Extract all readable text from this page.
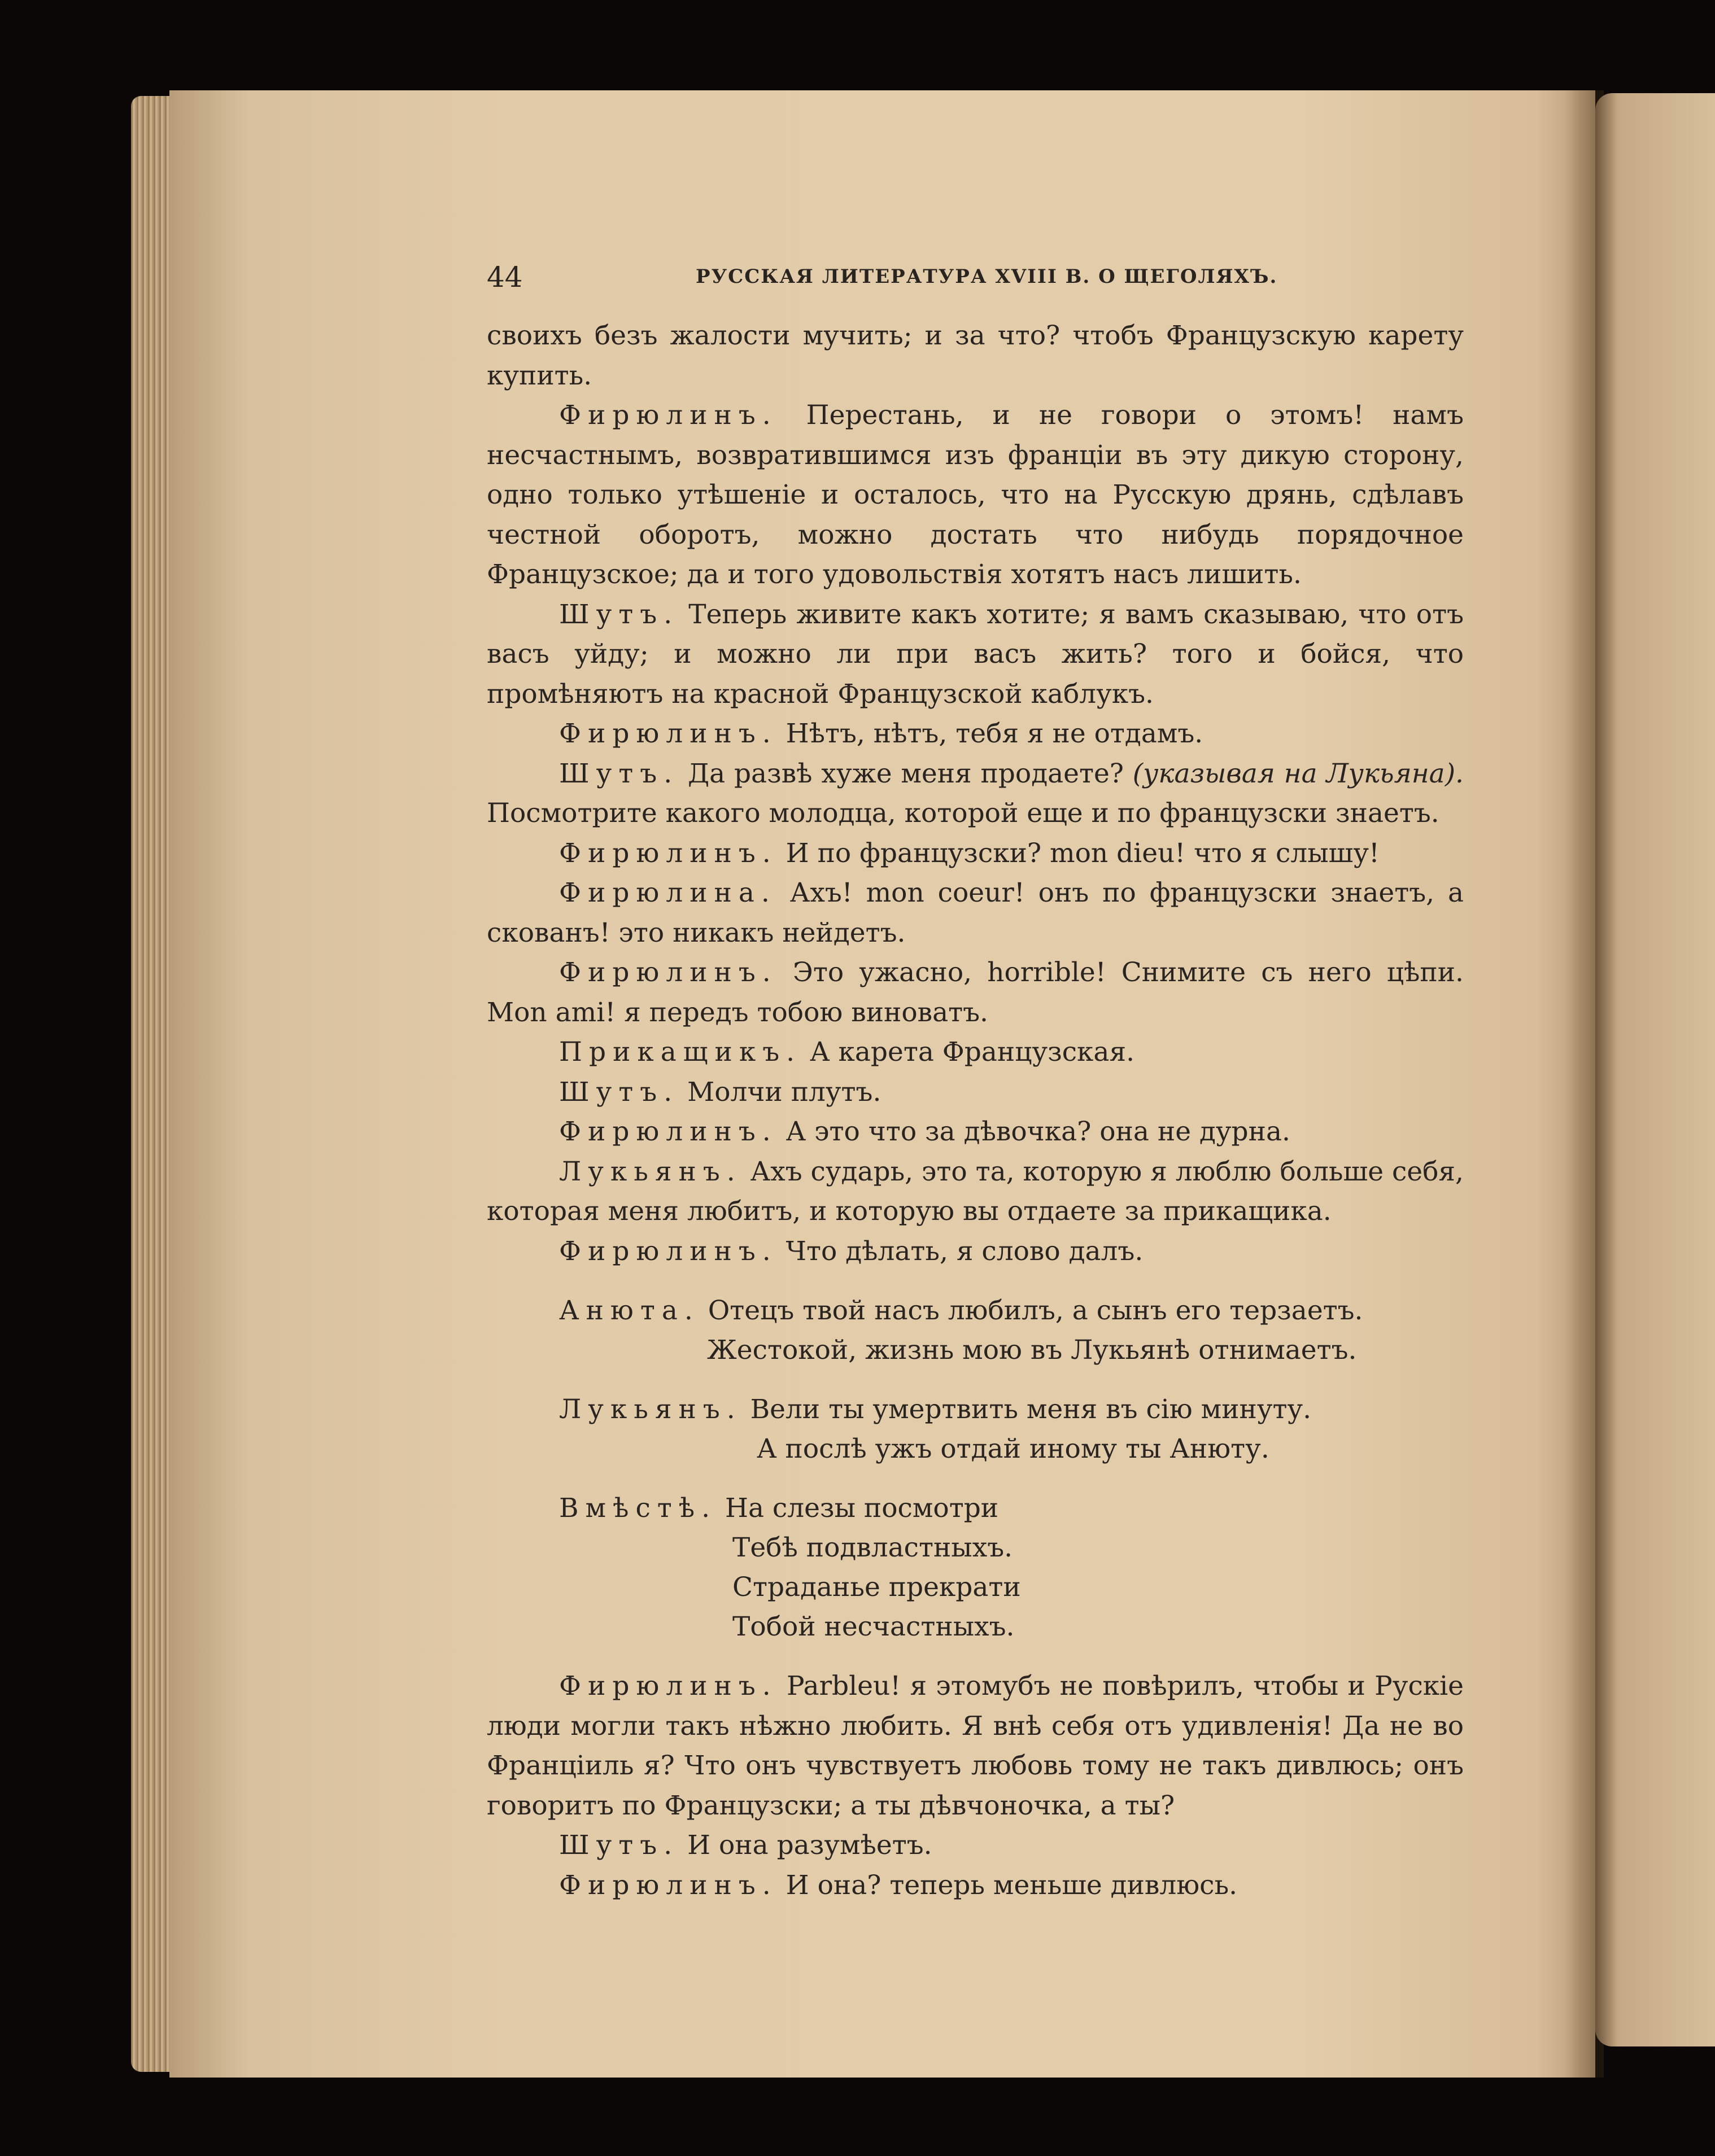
44	РУССКАЯ ЛИТЕРАТУРА XVIII В. О ЩЕГОЛЯХЪ.

своихъ безъ жалости мучить; и за что? чтобъ Французскую карету купить.

Фирюлинъ. Перестань, и не говори о этомъ! намъ несчастнымъ, возвратившимся изъ франціи въ эту дикую сторону, одно только утѣшеніе и осталось, что на Русскую дрянь, сдѣлавъ честной оборотъ, можно достать что нибудь порядочное Французское; да и того удовольствія хотятъ насъ лишить.

Шутъ. Теперь живите какъ хотите; я вамъ сказываю, что отъ васъ уйду; и можно ли при васъ жить? того и бойся, что промѣняютъ на красной Французской каблукъ.

Фирюлинъ. Нѣтъ, нѣтъ, тебя я не отдамъ.

Шутъ. Да развѣ хуже меня продаете? (указывая на Лукьяна). Посмотрите какого молодца, которой еще и по французски знаетъ.

Фирюлинъ. И по французски? mon dieu! что я слышу!

Фирюлина. Ахъ! mon coeur! онъ по французски знаетъ, а скованъ! это никакъ нейдетъ.

Фирюлинъ. Это ужасно, horrible! Снимите съ него цѣпи. Mon ami! я передъ тобою виноватъ.

Прикащикъ. А карета Французская.

Шутъ. Молчи плутъ.

Фирюлинъ. А это что за дѣвочка? она не дурна.

Лукьянъ. Ахъ сударь, это та, которую я люблю больше себя, которая меня любитъ, и которую вы отдаете за прикащика.

Фирюлинъ. Что дѣлать, я слово далъ.

Анюта. Отецъ твой насъ любилъ, а сынъ его терзаетъ.
Жестокой, жизнь мою въ Лукьянѣ отнимаетъ.
Лукьянъ. Вели ты умертвить меня въ сію минуту.
А послѣ ужъ отдай иному ты Анюту.
Вмѣстѣ. На слезы посмотри
Тебѣ подвластныхъ.
Страданье прекрати
Тобой несчастныхъ.

Фирюлинъ. Parbleu! я этомубъ не повѣрилъ, чтобы и Рускіе люди могли такъ нѣжно любить. Я внѣ себя отъ удивленія! Да не во Франціиль я? Что онъ чувствуетъ любовь тому не такъ дивлюсь; онъ говоритъ по Французски; а ты дѣвчоночка, а ты?

Шутъ. И она разумѣетъ.

Фирюлинъ. И она? теперь меньше дивлюсь.
